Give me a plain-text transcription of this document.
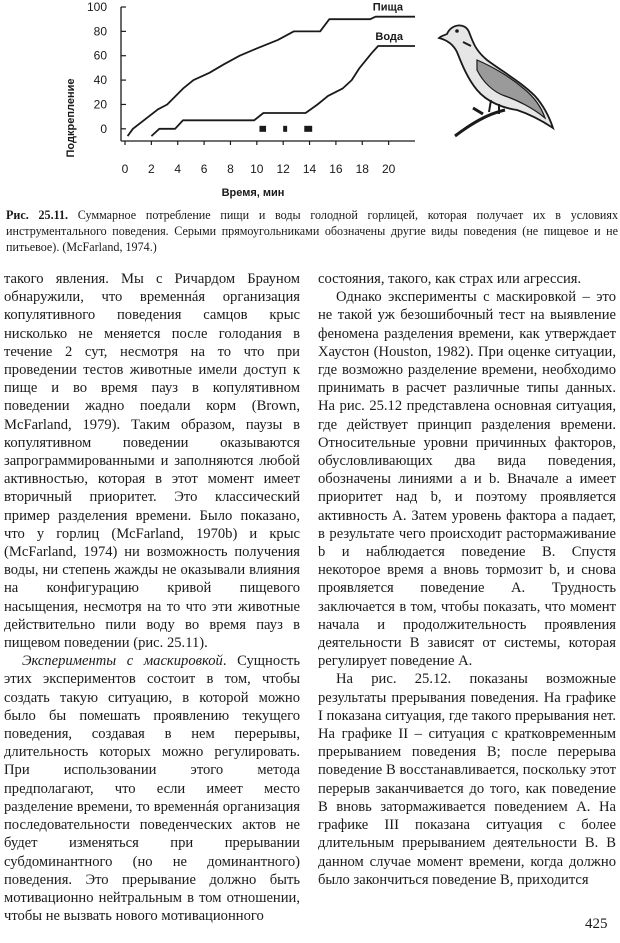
Подкрепление
Время, мин
0
20
40
60
80
100
0 2 4 6 8 10 12 14 16 18 20
Пища
Вода
Рис. 25.11. Суммарное потребление пищи и воды голодной горлицей, которая получает их в условиях инструментального поведения. Серыми прямоугольниками обозначены другие виды поведения (не пищевое и не питьевое). (McFarland, 1974.)

такого явления. Мы с Ричардом Брауном обнаружили, что временнáя организация копулятивного поведения самцов крыс нисколько не меняется после голодания в течение 2 сут, несмотря на то что при проведении тестов животные имели доступ к пище и во время пауз в копулятивном поведении жадно поедали корм (Brown, McFarland, 1979). Таким образом, паузы в копулятивном поведении оказываются запрограммированными и заполняются любой активностью, которая в этот момент имеет вторичный приоритет. Это классический пример разделения времени. Было показано, что у горлиц (McFarland, 1970b) и крыс (McFarland, 1974) ни возможность получения воды, ни степень жажды не оказывали влияния на конфигурацию кривой пищевого насыщения, несмотря на то что эти животные действительно пили воду во время пауз в пищевом поведении (рис. 25.11).

Эксперименты с маскировкой. Сущность этих экспериментов состоит в том, чтобы создать такую ситуацию, в которой можно было бы помешать проявлению текущего поведения, создавая в нем перерывы, длительность которых можно регулировать. При использовании этого метода предполагают, что если имеет место разделение времени, то временнáя организация последовательности поведенческих актов не будет изменяться при прерывании субдоминантного (но не доминантного) поведения. Это прерывание должно быть мотивационно нейтральным в том отношении, чтобы не вызвать нового мотивационного

состояния, такого, как страх или агрессия.

Однако эксперименты с маскировкой – это не такой уж безошибочный тест на выявление феномена разделения времени, как утверждает Хаустон (Houston, 1982). При оценке ситуации, где возможно разделение времени, необходимо принимать в расчет различные типы данных. На рис. 25.12 представлена основная ситуация, где действует принцип разделения времени. Относительные уровни причинных факторов, обусловливающих два вида поведения, обозначены линиями a и b. Вначале a имеет приоритет над b, и поэтому проявляется активность A. Затем уровень фактора a падает, в результате чего происходит растормаживание b и наблюдается поведение B. Спустя некоторое время a вновь тормозит b, и снова проявляется поведение A. Трудность заключается в том, чтобы показать, что момент начала и продолжительность проявления деятельности B зависят от системы, которая регулирует поведение A.

На рис. 25.12. показаны возможные результаты прерывания поведения. На графике I показана ситуация, где такого прерывания нет. На графике II – ситуация с кратковременным прерыванием поведения B; после перерыва поведение B восстанавливается, поскольку этот перерыв заканчивается до того, как поведение B вновь затормаживается поведением A. На графике III показана ситуация с более длительным прерыванием деятельности B. В данном случае момент времени, когда должно было закончиться поведение B, приходится

425
